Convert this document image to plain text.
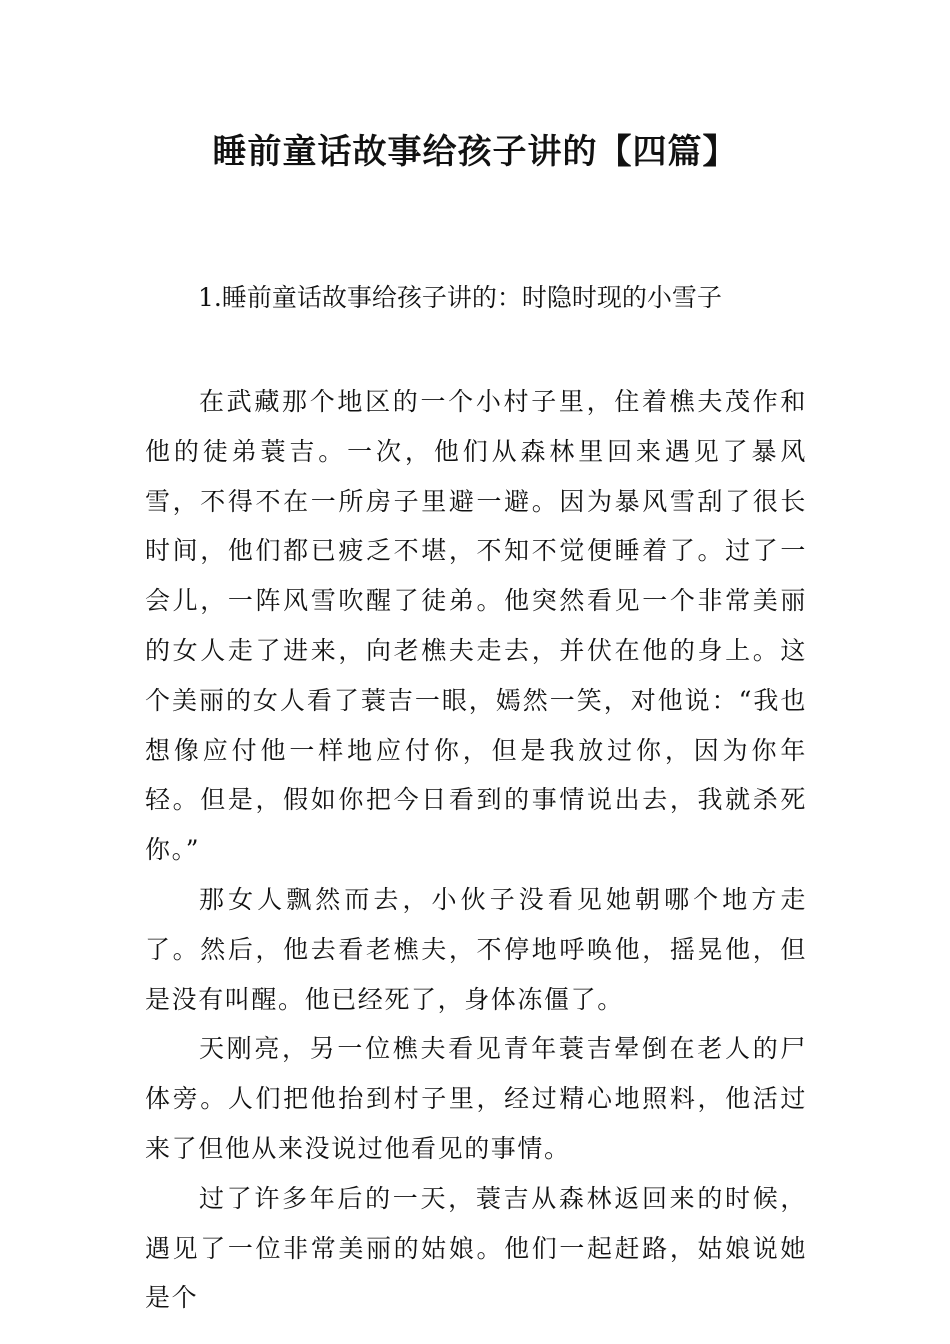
睡前童话故事给孩子讲的【四篇】
1.睡前童话故事给孩子讲的：时隐时现的小雪子

在武藏那个地区的一个小村子里，住着樵夫茂作和他的徒弟蓑吉。一次，他们从森林里回来遇见了暴风雪，不得不在一所房子里避一避。因为暴风雪刮了很长时间，他们都已疲乏不堪，不知不觉便睡着了。过了一会儿，一阵风雪吹醒了徒弟。他突然看见一个非常美丽的女人走了进来，向老樵夫走去，并伏在他的身上。这个美丽的女人看了蓑吉一眼，嫣然一笑，对他说：“我也想像应付他一样地应付你，但是我放过你，因为你年轻。但是，假如你把今日看到的事情说出去，我就杀死你。”

那女人飘然而去，小伙子没看见她朝哪个地方走了。然后，他去看老樵夫，不停地呼唤他，摇晃他，但是没有叫醒。他已经死了，身体冻僵了。

天刚亮，另一位樵夫看见青年蓑吉晕倒在老人的尸体旁。人们把他抬到村子里，经过精心地照料，他活过来了但他从来没说过他看见的事情。

过了许多年后的一天，蓑吉从森林返回来的时候，遇见了一位非常美丽的姑娘。他们一起赶路，姑娘说她是个
